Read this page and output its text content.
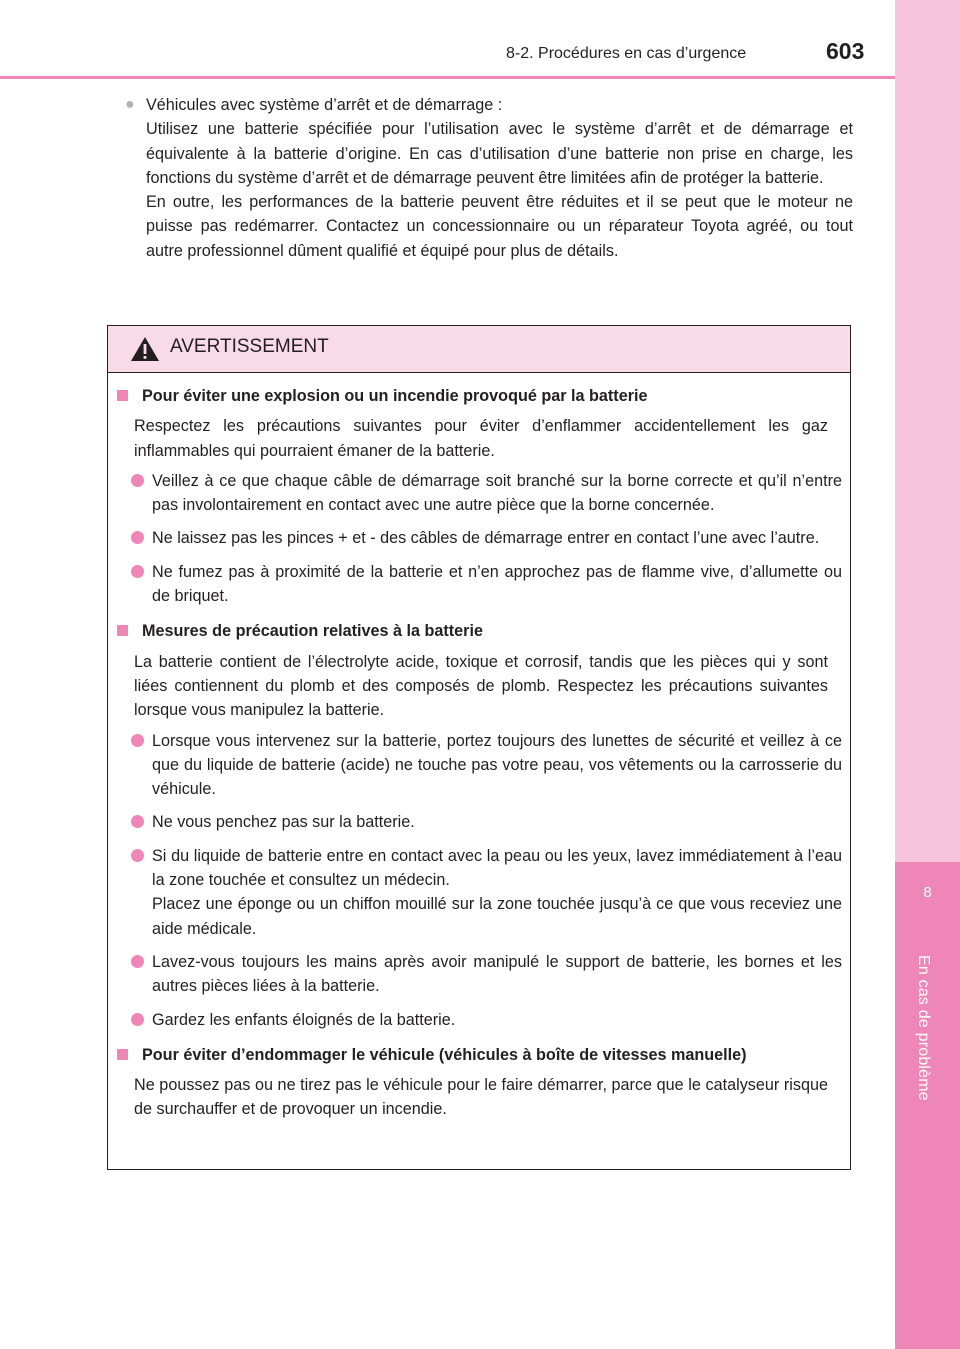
8
En cas de problème
8-2. Procédures en cas d’urgence	603
● Véhicules avec système d’arrêt et de démarrage :

Utilisez une batterie spécifiée pour l’utilisation avec le système d’arrêt et de démarrage et équivalente à la batterie d’origine. En cas d’utilisation d’une batterie non prise en charge, les fonctions du système d’arrêt et de démarrage peuvent être limitées afin de protéger la batterie.

En outre, les performances de la batterie peuvent être réduites et il se peut que le moteur ne puisse pas redémarrer. Contactez un concessionnaire ou un réparateur Toyota agréé, ou tout autre professionnel dûment qualifié et équipé pour plus de détails.

AVERTISSEMENT
Pour éviter une explosion ou un incendie provoqué par la batterie

Respectez les précautions suivantes pour éviter d’enflammer accidentellement les gaz inflammables qui pourraient émaner de la batterie.

Veillez à ce que chaque câble de démarrage soit branché sur la borne correcte et qu’il n’entre pas involontairement en contact avec une autre pièce que la borne concernée.

Ne laissez pas les pinces + et - des câbles de démarrage entrer en contact l’une avec l’autre.

Ne fumez pas à proximité de la batterie et n’en approchez pas de flamme vive, d’allumette ou de briquet.

Mesures de précaution relatives à la batterie

La batterie contient de l’électrolyte acide, toxique et corrosif, tandis que les pièces qui y sont liées contiennent du plomb et des composés de plomb. Respectez les précautions suivantes lorsque vous manipulez la batterie.

Lorsque vous intervenez sur la batterie, portez toujours des lunettes de sécurité et veillez à ce que du liquide de batterie (acide) ne touche pas votre peau, vos vêtements ou la carrosserie du véhicule.

Ne vous penchez pas sur la batterie.

Si du liquide de batterie entre en contact avec la peau ou les yeux, lavez immédiatement à l’eau la zone touchée et consultez un médecin.

Placez une éponge ou un chiffon mouillé sur la zone touchée jusqu’à ce que vous receviez une aide médicale.

Lavez-vous toujours les mains après avoir manipulé le support de batterie, les bornes et les autres pièces liées à la batterie.

Gardez les enfants éloignés de la batterie.

Pour éviter d’endommager le véhicule (véhicules à boîte de vitesses manuelle)

Ne poussez pas ou ne tirez pas le véhicule pour le faire démarrer, parce que le catalyseur risque de surchauffer et de provoquer un incendie.
